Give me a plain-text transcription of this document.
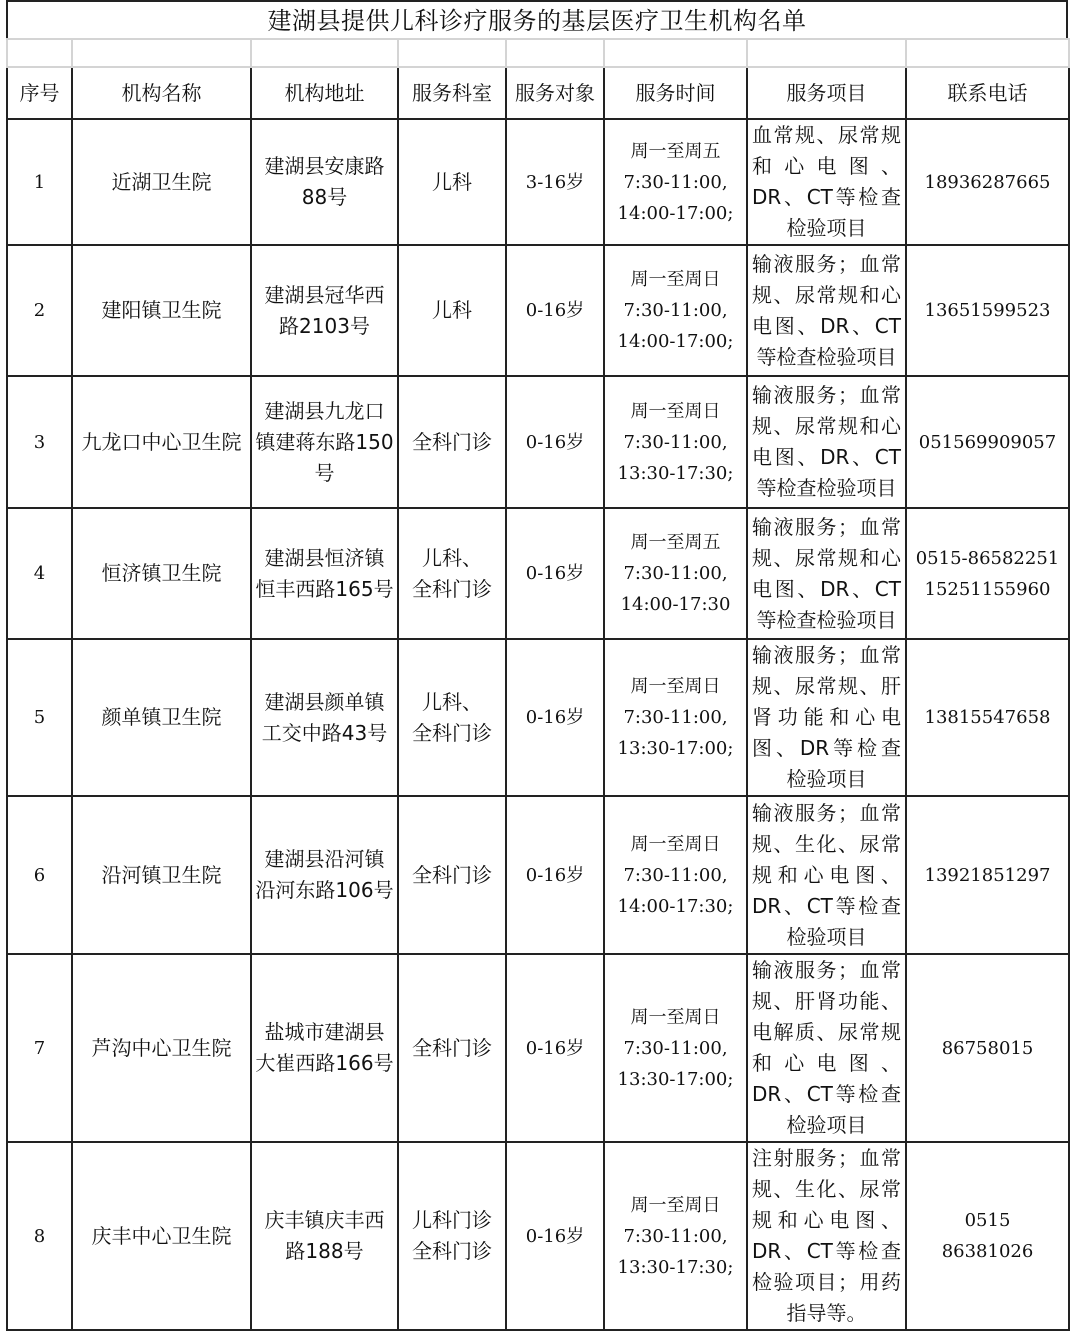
建湖县提供儿科诊疗服务的基层医疗卫生机构名单

序号	机构名称	机构地址	服务科室	服务对象	服务时间	服务项目	联系电话
1	近湖卫生院	建湖县安康路
88号	儿科	3-16岁	周一至周五
7:30-11:00,
14:00-17:00;	血常规、尿常规和心电图、DR、CT等检查检验项目	18936287665
2	建阳镇卫生院	建湖县冠华西
路2103号	儿科	0-16岁	周一至周日
7:30-11:00,
14:00-17:00;	输液服务；血常规、尿常规和心电图、DR、CT等检查检验项目	13651599523
3	九龙口中心卫生院	建湖县九龙口
镇建蒋东路150
号	全科门诊	0-16岁	周一至周日
7:30-11:00,
13:30-17:30;	输液服务；血常规、尿常规和心电图、DR、CT等检查检验项目	051569909057
4	恒济镇卫生院	建湖县恒济镇
恒丰西路165号	儿科、
全科门诊	0-16岁	周一至周五
7:30-11:00,
14:00-17:30	输液服务；血常规、尿常规和心电图、DR、CT等检查检验项目	0515-86582251
15251155960
5	颜单镇卫生院	建湖县颜单镇
工交中路43号	儿科、
全科门诊	0-16岁	周一至周日
7:30-11:00,
13:30-17:00;	输液服务；血常规、尿常规、肝肾功能和心电图、DR等检查检验项目	13815547658
6	沿河镇卫生院	建湖县沿河镇
沿河东路106号	全科门诊	0-16岁	周一至周日
7:30-11:00,
14:00-17:30;	输液服务；血常规、生化、尿常规和心电图、DR、CT等检查检验项目	13921851297
7	芦沟中心卫生院	盐城市建湖县
大崔西路166号	全科门诊	0-16岁	周一至周日
7:30-11:00,
13:30-17:00;	输液服务；血常规、肝肾功能、电解质、尿常规和心电图、DR、CT等检查检验项目	86758015
8	庆丰中心卫生院	庆丰镇庆丰西
路188号	儿科门诊
全科门诊	0-16岁	周一至周日
7:30-11:00,
13:30-17:30;	注射服务；血常规、生化、尿常规和心电图、DR、CT等检查检验项目；用药指导等。	0515
86381026
